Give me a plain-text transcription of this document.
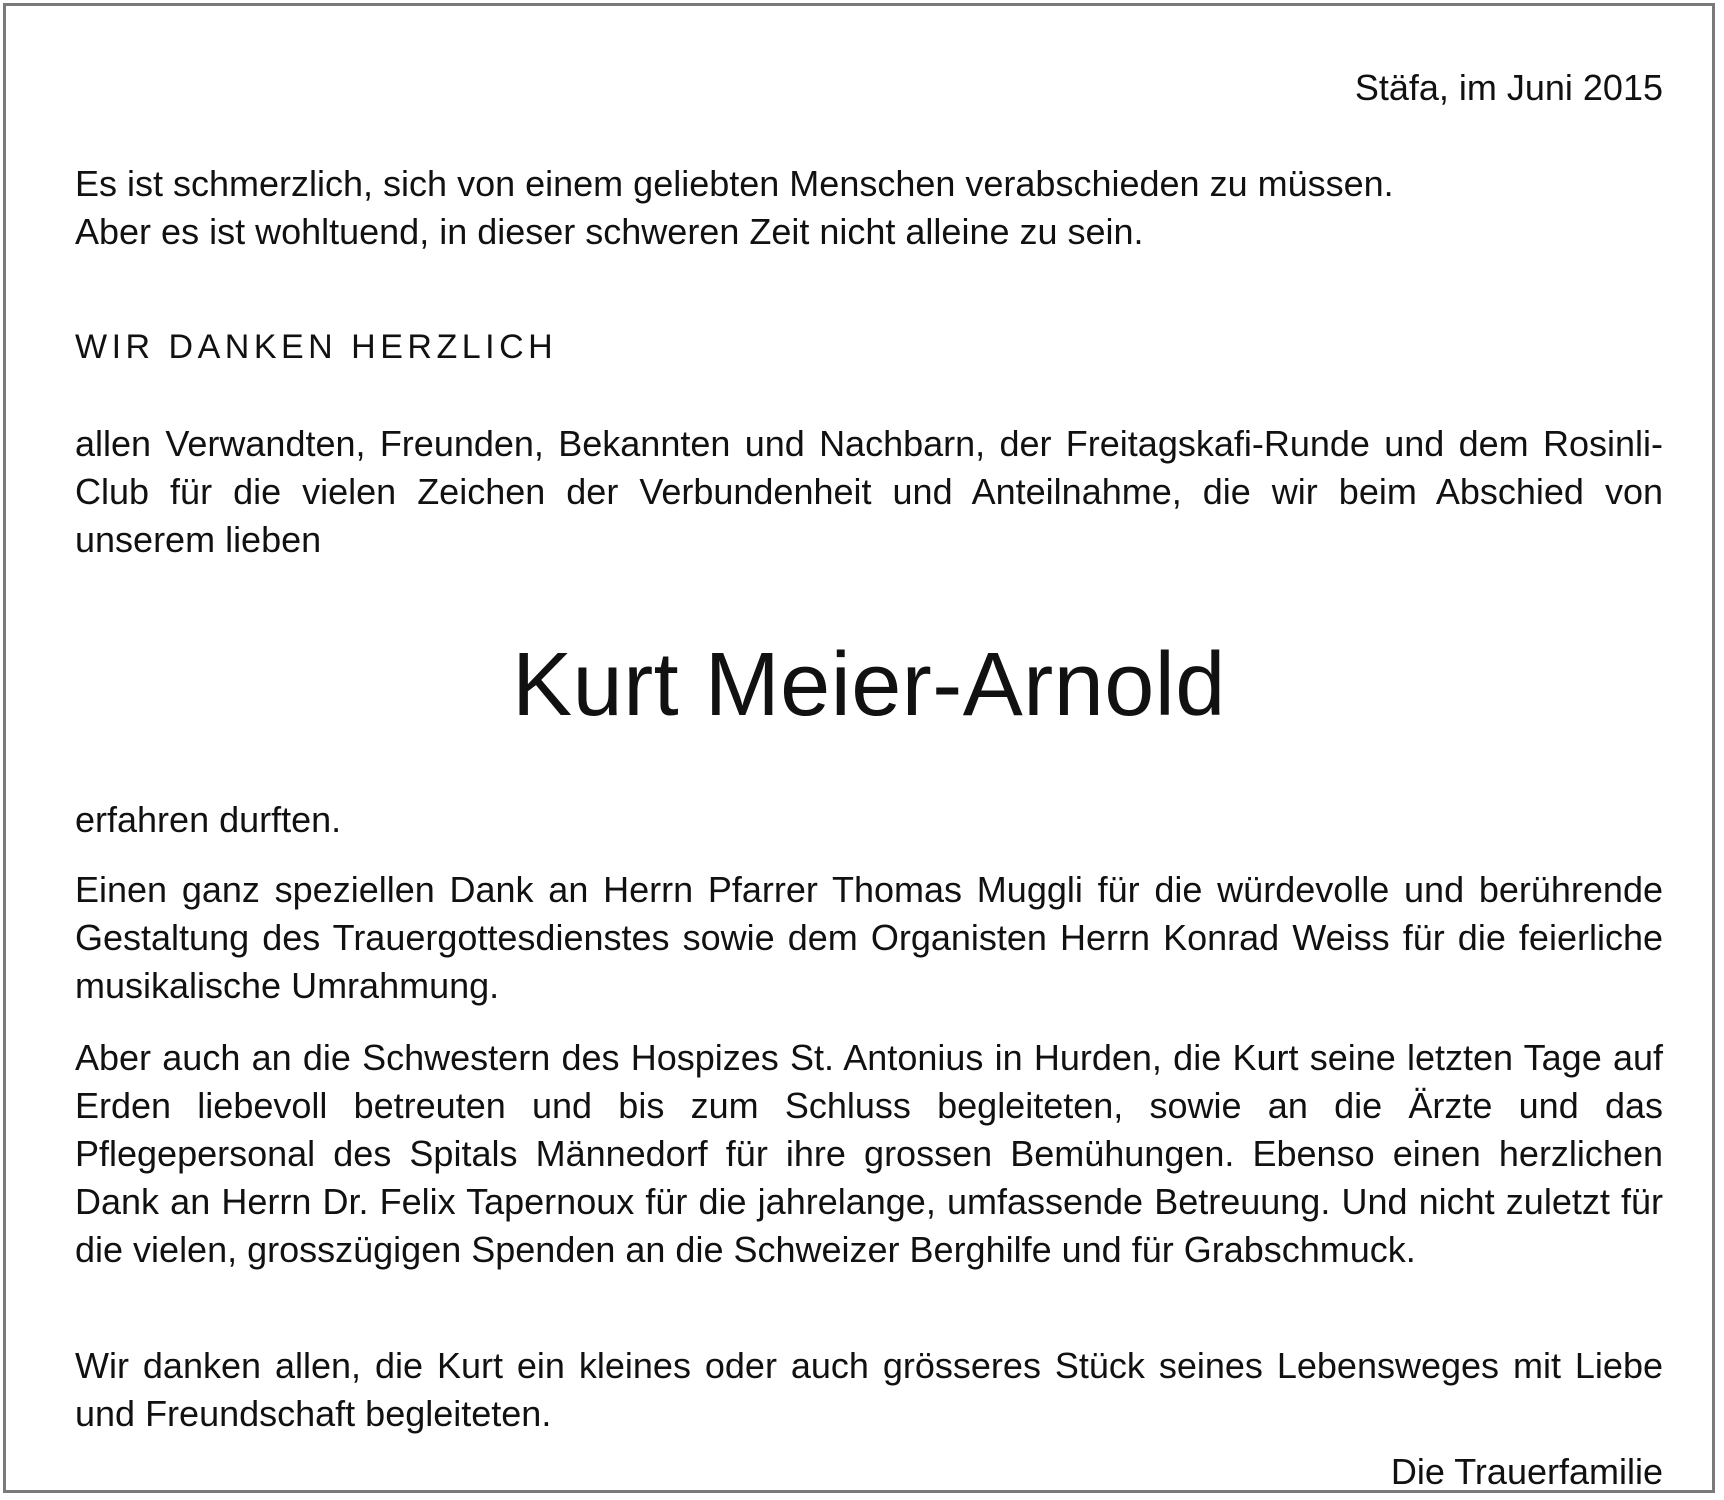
Stäfa, im Juni 2015

Es ist schmerzlich, sich von einem geliebten Menschen verabschieden zu müssen.
Aber es ist wohltuend, in dieser schweren Zeit nicht alleine zu sein.
WIR DANKEN HERZLICH

allen Verwandten, Freunden, Bekannten und Nachbarn, der Freitagskafi-Runde und dem Rosinli-Club für die vielen Zeichen der Verbundenheit und Anteilnahme, die wir beim Abschied von unserem lieben

Kurt Meier-Arnold

erfahren durften.

Einen ganz speziellen Dank an Herrn Pfarrer Thomas Muggli für die würdevolle und berührende Gestaltung des Trauergottesdienstes sowie dem Organisten Herrn Konrad Weiss für die feierliche musikalische Umrahmung.

Aber auch an die Schwestern des Hospizes St. Antonius in Hurden, die Kurt seine letzten Tage auf Erden liebevoll betreuten und bis zum Schluss begleiteten, sowie an die Ärzte und das Pflegepersonal des Spitals Männedorf für ihre grossen Bemühungen. Ebenso einen herzlichen Dank an Herrn Dr. Felix Tapernoux für die jahrelange, umfassende Betreuung. Und nicht zuletzt für die vielen, grosszügigen Spenden an die Schweizer Berghilfe und für Grabschmuck.

Wir danken allen, die Kurt ein kleines oder auch grösseres Stück seines Lebensweges mit Liebe und Freundschaft begleiteten.

Die Trauerfamilie
